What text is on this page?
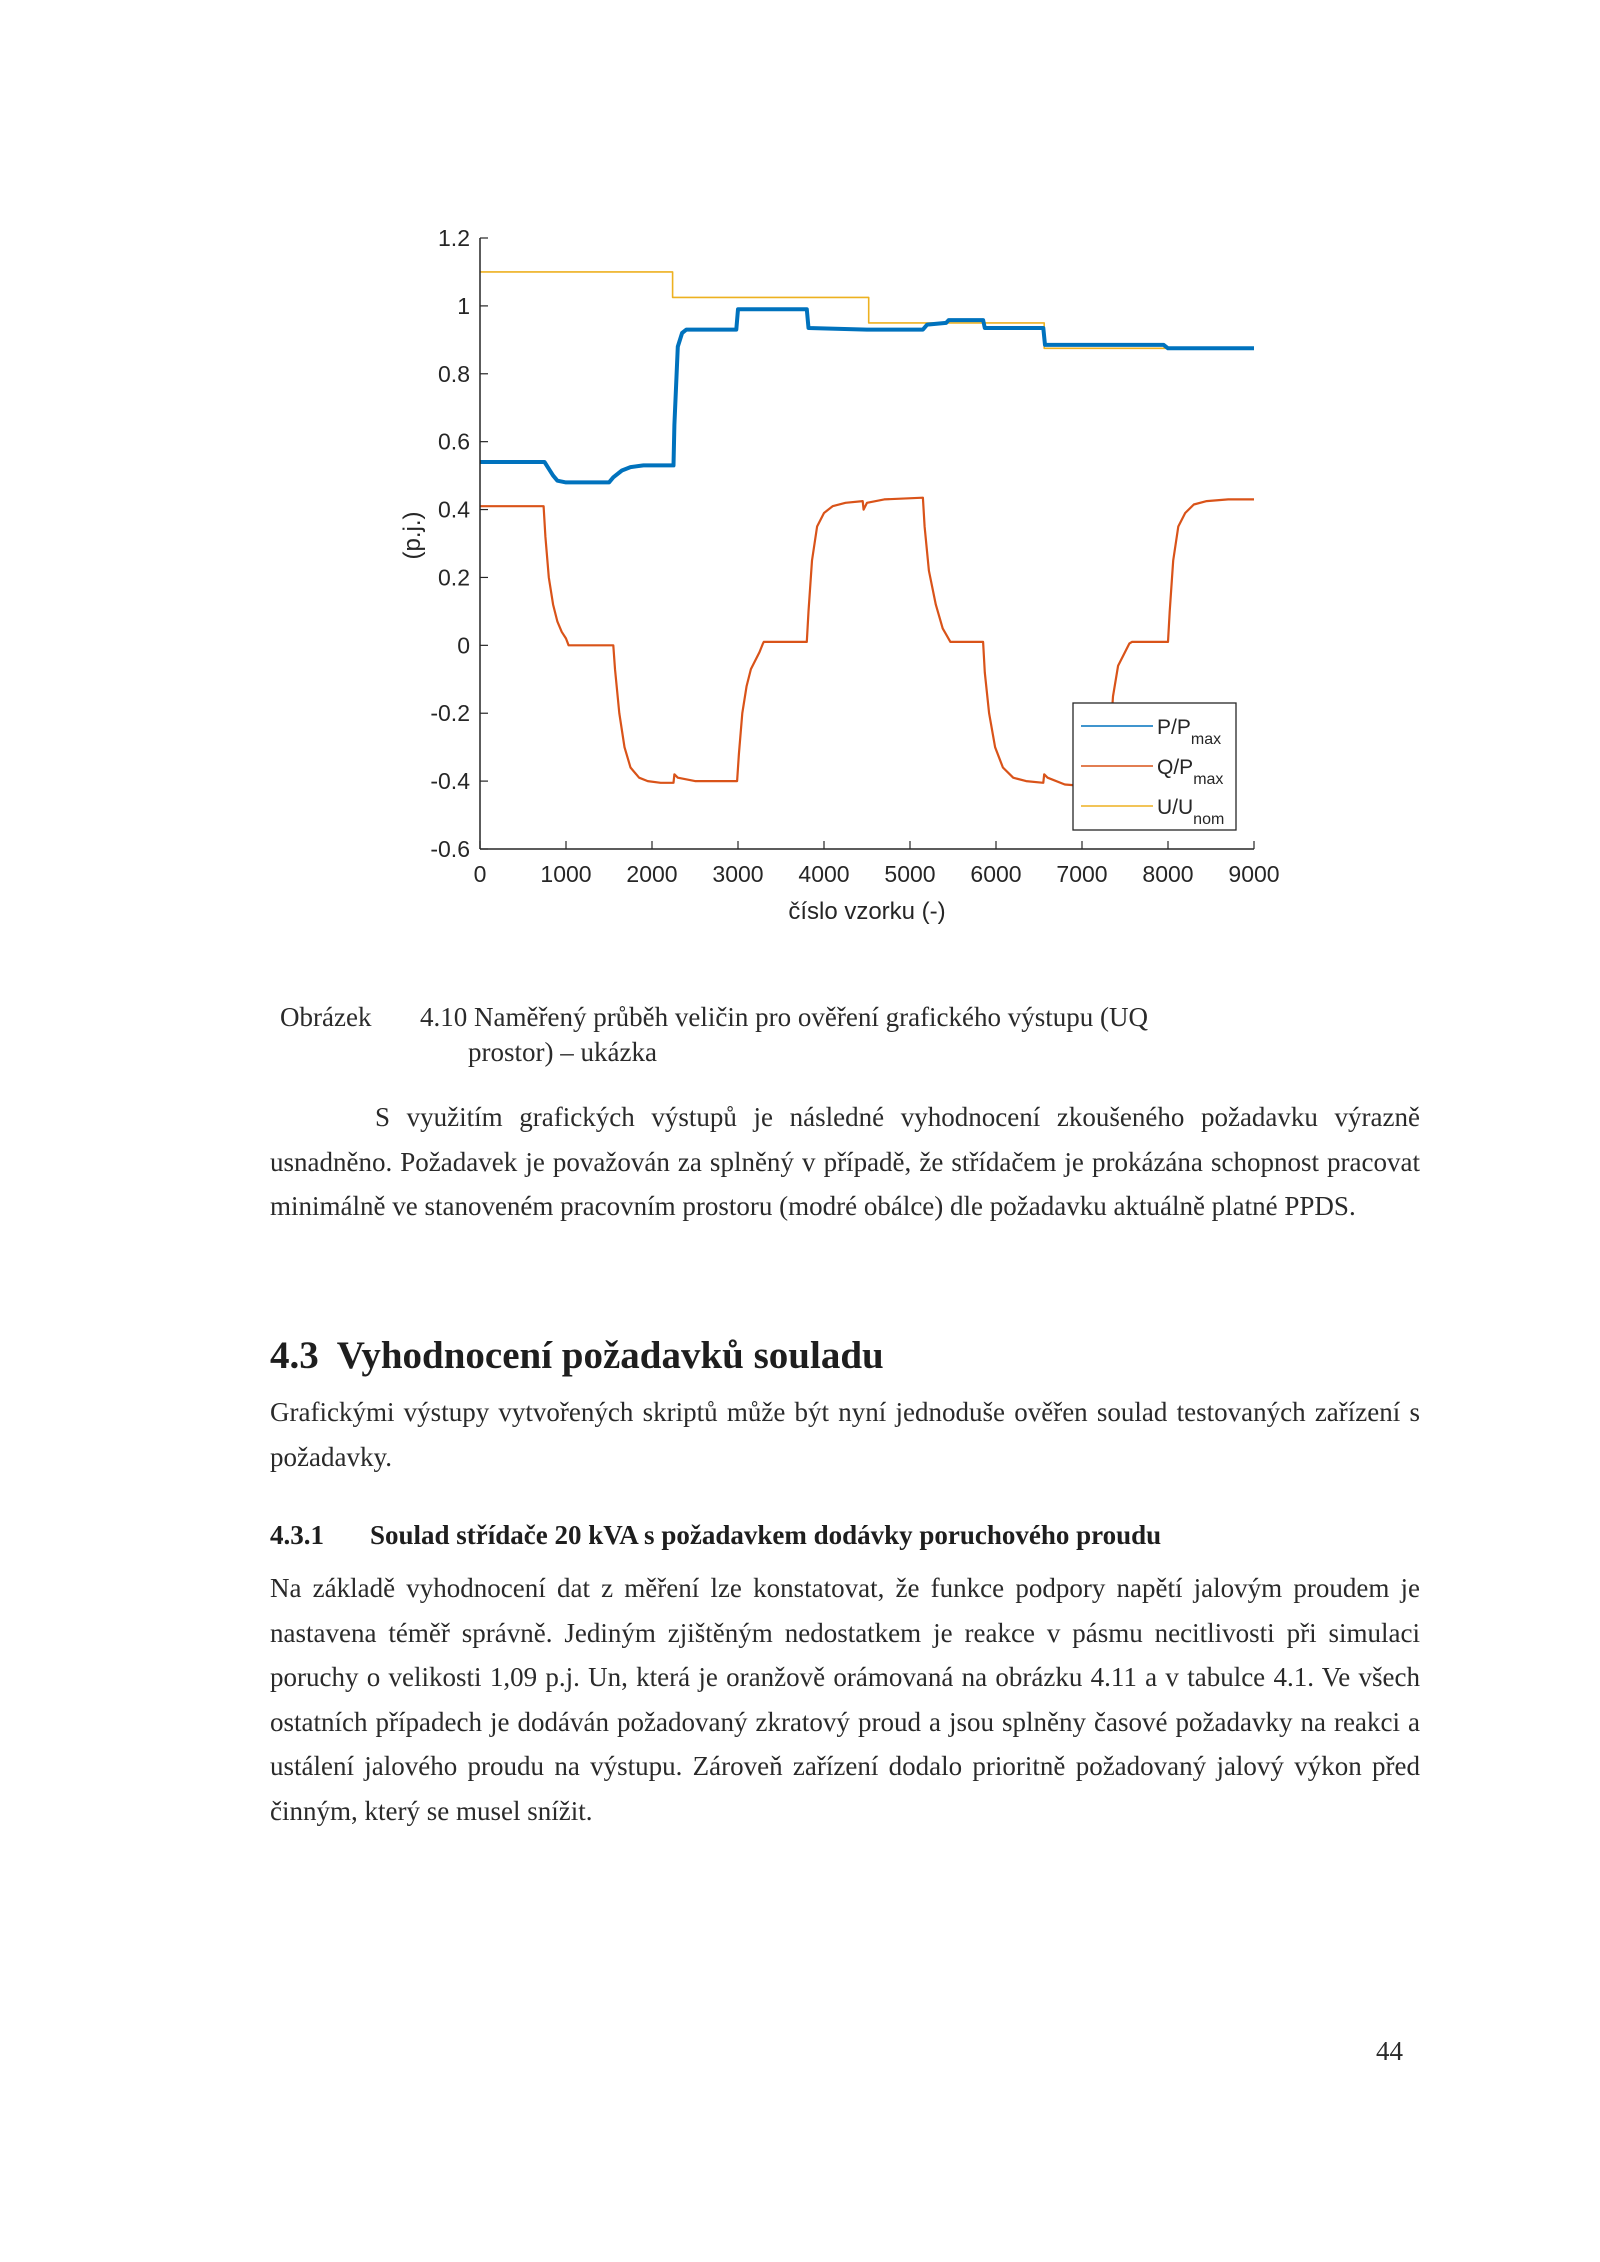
-0.6
-0.4
-0.2
0
0.2
0.4
0.6
0.8
1
1.2
0 1000 2000 3000 4000 5000 6000 7000 8000 9000
číslo vzorku (-)
(p.j.)
$P/P_{max}$
$Q/P_{max}$
$U/U_{nom}$
Obrázek 4.10 Naměřený průběh veličin pro ověření grafického výstupu (UQ
prostor) – ukázka
S využitím grafických výstupů je následné vyhodnocení zkoušeného požadavku výrazně usnadněno. Požadavek je považován za splněný v případě, že střídačem je prokázána schopnost pracovat minimálně ve stanoveném pracovním prostoru (modré obálce) dle požadavku aktuálně platné PPDS.
4.3 Vyhodnocení požadavků souladu
Grafickými výstupy vytvořených skriptů může být nyní jednoduše ověřen soulad testovaných zařízení s požadavky.
4.3.1 Soulad střídače 20 kVA s požadavkem dodávky poruchového proudu
Na základě vyhodnocení dat z měření lze konstatovat, že funkce podpory napětí jalovým proudem je nastavena téměř správně. Jediným zjištěným nedostatkem je reakce v pásmu necitlivosti při simulaci poruchy o velikosti 1,09 p.j. Un, která je oranžově orámovaná na obrázku 4.11 a v tabulce 4.1. Ve všech ostatních případech je dodáván požadovaný zkratový proud a jsou splněny časové požadavky na reakci a ustálení jalového proudu na výstupu. Zároveň zařízení dodalo prioritně požadovaný jalový výkon před činným, který se musel snížit.
44
